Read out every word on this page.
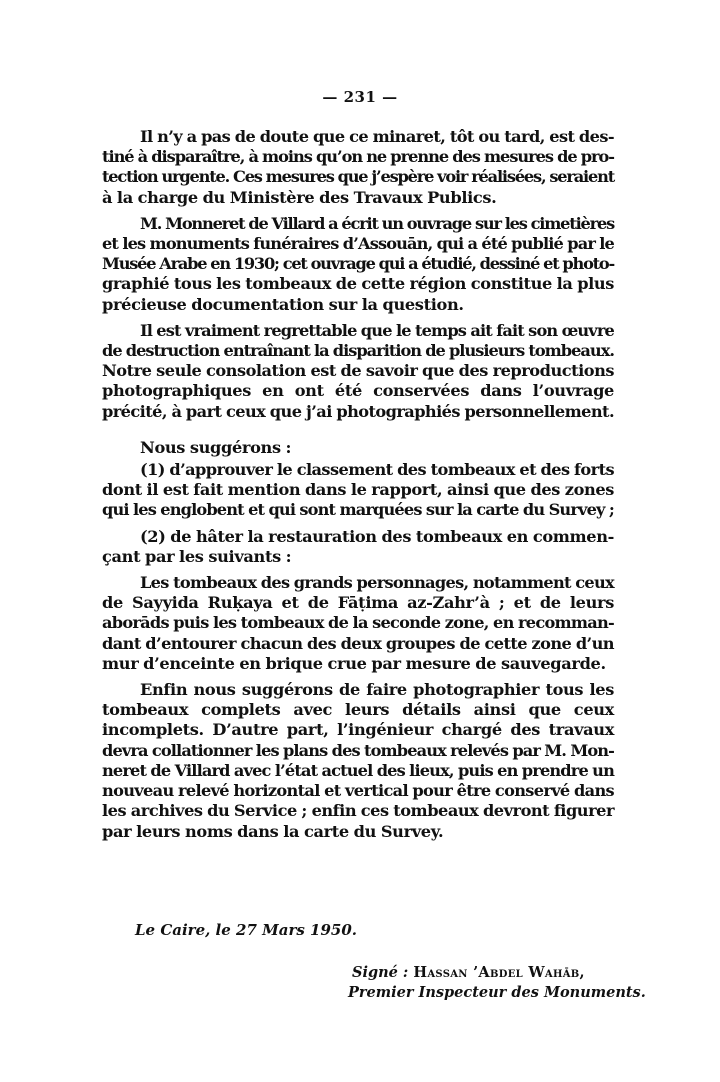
— 231 —
Il n’y a pas de doute que ce minaret, tôt ou tard, est des-
tiné à disparaître, à moins qu’on ne prenne des mesures de pro-
tection urgente. Ces mesures que j’espère voir réalisées, seraient
à la charge du Ministère des Travaux Publics.
M. Monneret de Villard a écrit un ouvrage sur les cimetières
et les monuments funéraires d’Assouān, qui a été publié par le
Musée Arabe en 1930; cet ouvrage qui a étudié, dessiné et photo-
graphié tous les tombeaux de cette région constitue la plus
précieuse documentation sur la question.
Il est vraiment regrettable que le temps ait fait son œuvre
de destruction entraînant la disparition de plusieurs tombeaux.
Notre seule consolation est de savoir que des reproductions
photographiques en ont été conservées dans l’ouvrage
précité, à part ceux que j’ai photographiés personnellement.
Nous suggérons :
(1) d’approuver le classement des tombeaux et des forts
dont il est fait mention dans le rapport, ainsi que des zones
qui les englobent et qui sont marquées sur la carte du Survey ;
(2) de hâter la restauration des tombeaux en commen-
çant par les suivants :
Les tombeaux des grands personnages, notamment ceux
de Sayyida Ruḳaya et de Fāṭima az-Zahr’à ; et de leurs
aborāds puis les tombeaux de la seconde zone, en recomman-
dant d’entourer chacun des deux groupes de cette zone d’un
mur d’enceinte en brique crue par mesure de sauvegarde.
Enfin nous suggérons de faire photographier tous les
tombeaux complets avec leurs détails ainsi que ceux
incomplets. D’autre part, l’ingénieur chargé des travaux
devra collationner les plans des tombeaux relevés par M. Mon-
neret de Villard avec l’état actuel des lieux, puis en prendre un
nouveau relevé horizontal et vertical pour être conservé dans
les archives du Service ; enfin ces tombeaux devront figurer
par leurs noms dans la carte du Survey.
Le Caire, le 27 Mars 1950.
Signé : Hassan ’Abdel Wahāb,
Premier Inspecteur des Monuments.
